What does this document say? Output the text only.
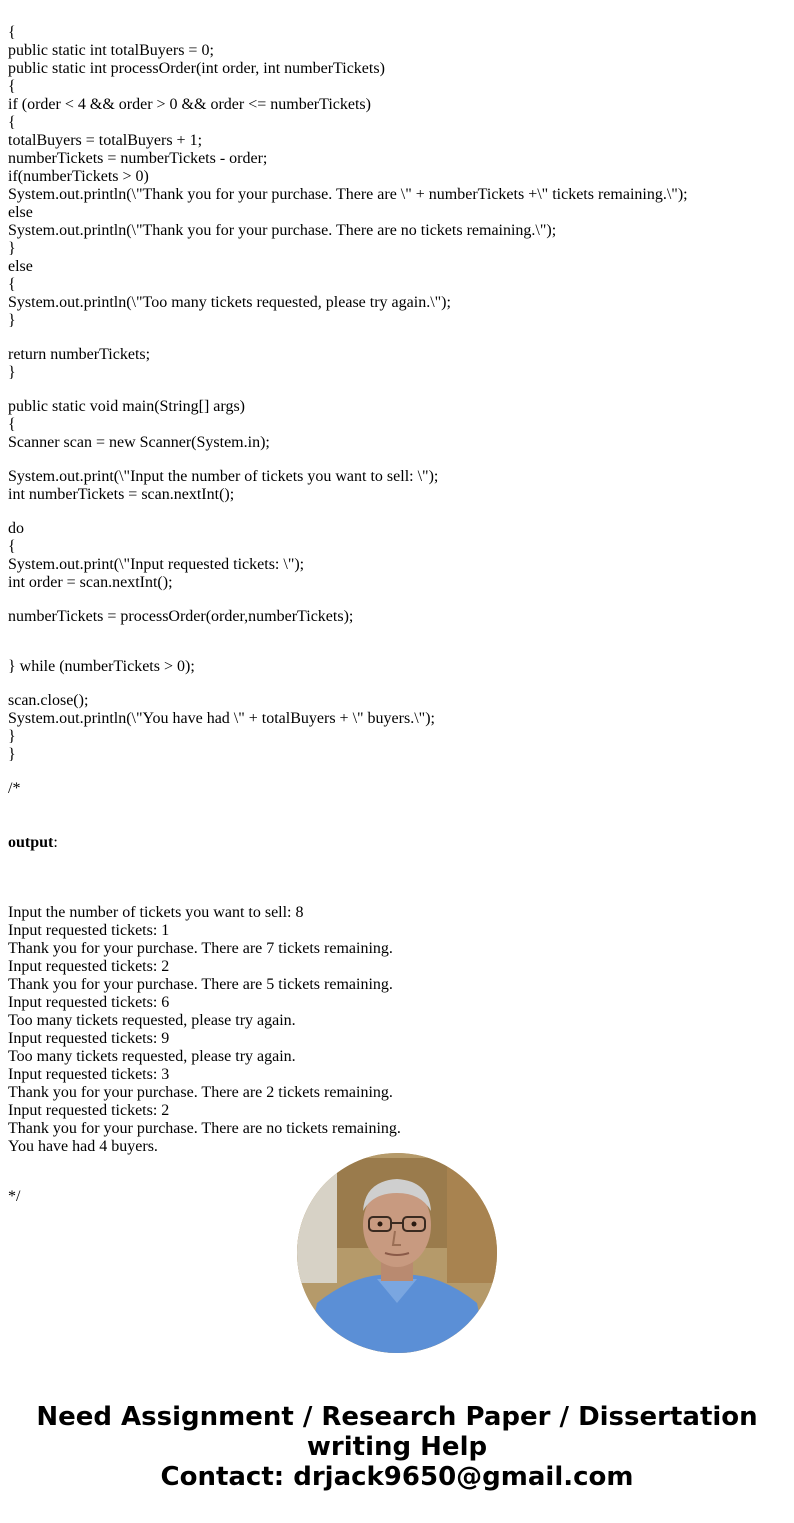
{
public static int totalBuyers = 0;
public static int processOrder(int order, int numberTickets)
{
if (order < 4 && order > 0 && order <= numberTickets)
{
totalBuyers = totalBuyers + 1;
numberTickets = numberTickets - order;
if(numberTickets > 0)
System.out.println(\"Thank you for your purchase. There are \" + numberTickets +\" tickets remaining.\");
else
System.out.println(\"Thank you for your purchase. There are no tickets remaining.\");
}
else
{
System.out.println(\"Too many tickets requested, please try again.\");
}
return numberTickets;
}
public static void main(String[] args)
{
Scanner scan = new Scanner(System.in);
System.out.print(\"Input the number of tickets you want to sell: \");
int numberTickets = scan.nextInt();
do
{
System.out.print(\"Input requested tickets: \");
int order = scan.nextInt();
numberTickets = processOrder(order,numberTickets);
} while (numberTickets > 0);
scan.close();
System.out.println(\"You have had \" + totalBuyers + \" buyers.\");
}
}
/*

output:

Input the number of tickets you want to sell: 8
Input requested tickets: 1
Thank you for your purchase. There are 7 tickets remaining.
Input requested tickets: 2
Thank you for your purchase. There are 5 tickets remaining.
Input requested tickets: 6
Too many tickets requested, please try again.
Input requested tickets: 9
Too many tickets requested, please try again.
Input requested tickets: 3
Thank you for your purchase. There are 2 tickets remaining.
Input requested tickets: 2
Thank you for your purchase. There are no tickets remaining.
You have had 4 buyers.
*/

Need Assignment / Research Paper / Dissertation
writing Help
Contact: drjack9650@gmail.com
